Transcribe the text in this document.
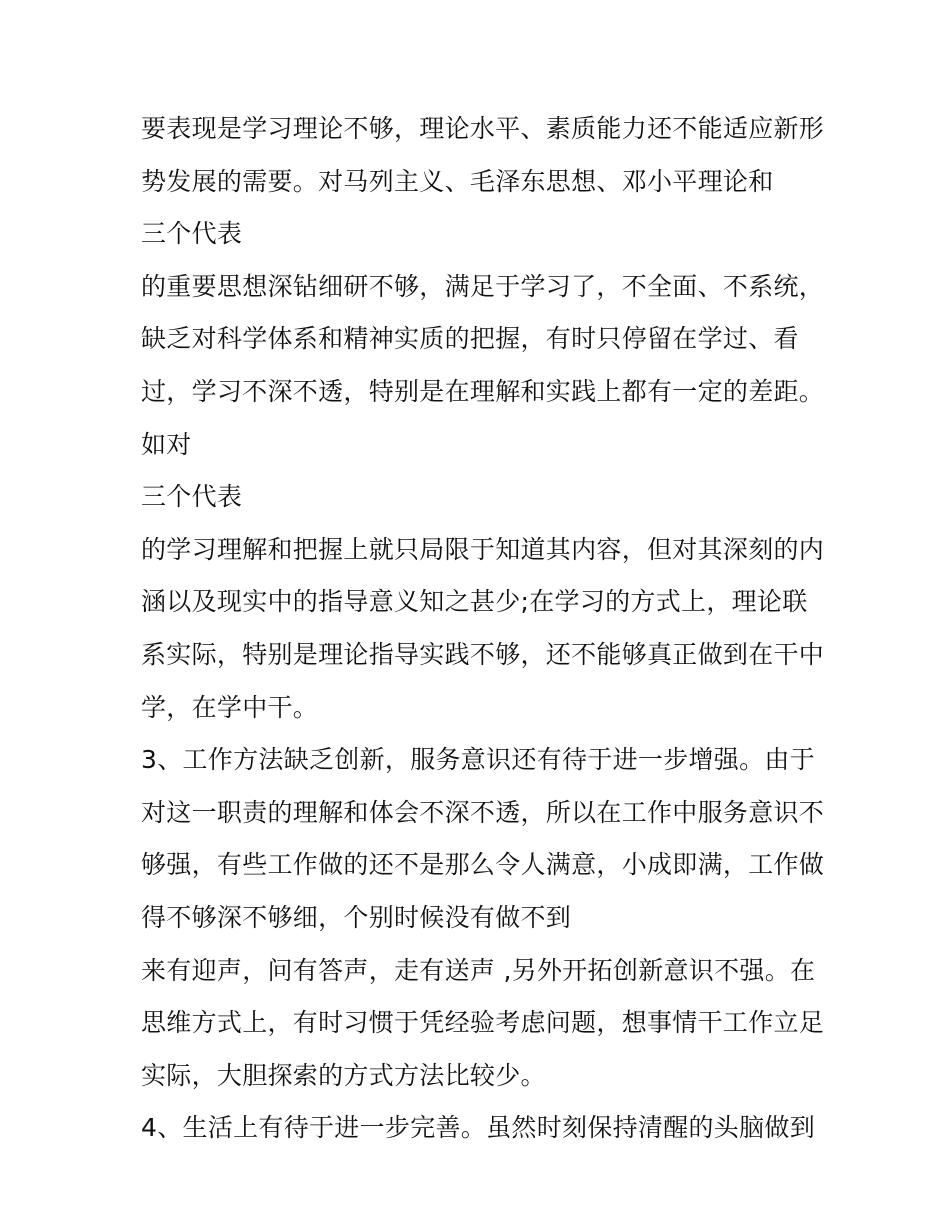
要表现是学习理论不够，理论水平、素质能力还不能适应新形
势发展的需要。对马列主义、毛泽东思想、邓小平理论和
三个代表
的重要思想深钻细研不够，满足于学习了，不全面、不系统，
缺乏对科学体系和精神实质的把握，有时只停留在学过、看
过，学习不深不透，特别是在理解和实践上都有一定的差距。
如对
三个代表
的学习理解和把握上就只局限于知道其内容，但对其深刻的内
涵以及现实中的指导意义知之甚少;在学习的方式上，理论联
系实际，特别是理论指导实践不够，还不能够真正做到在干中
学，在学中干。
3、工作方法缺乏创新，服务意识还有待于进一步增强。由于
对这一职责的理解和体会不深不透，所以在工作中服务意识不
够强，有些工作做的还不是那么令人满意，小成即满，工作做
得不够深不够细，个别时候没有做不到
来有迎声，问有答声，走有送声 ,另外开拓创新意识不强。在
思维方式上，有时习惯于凭经验考虑问题，想事情干工作立足
实际，大胆探索的方式方法比较少。
4、生活上有待于进一步完善。虽然时刻保持清醒的头脑做到
